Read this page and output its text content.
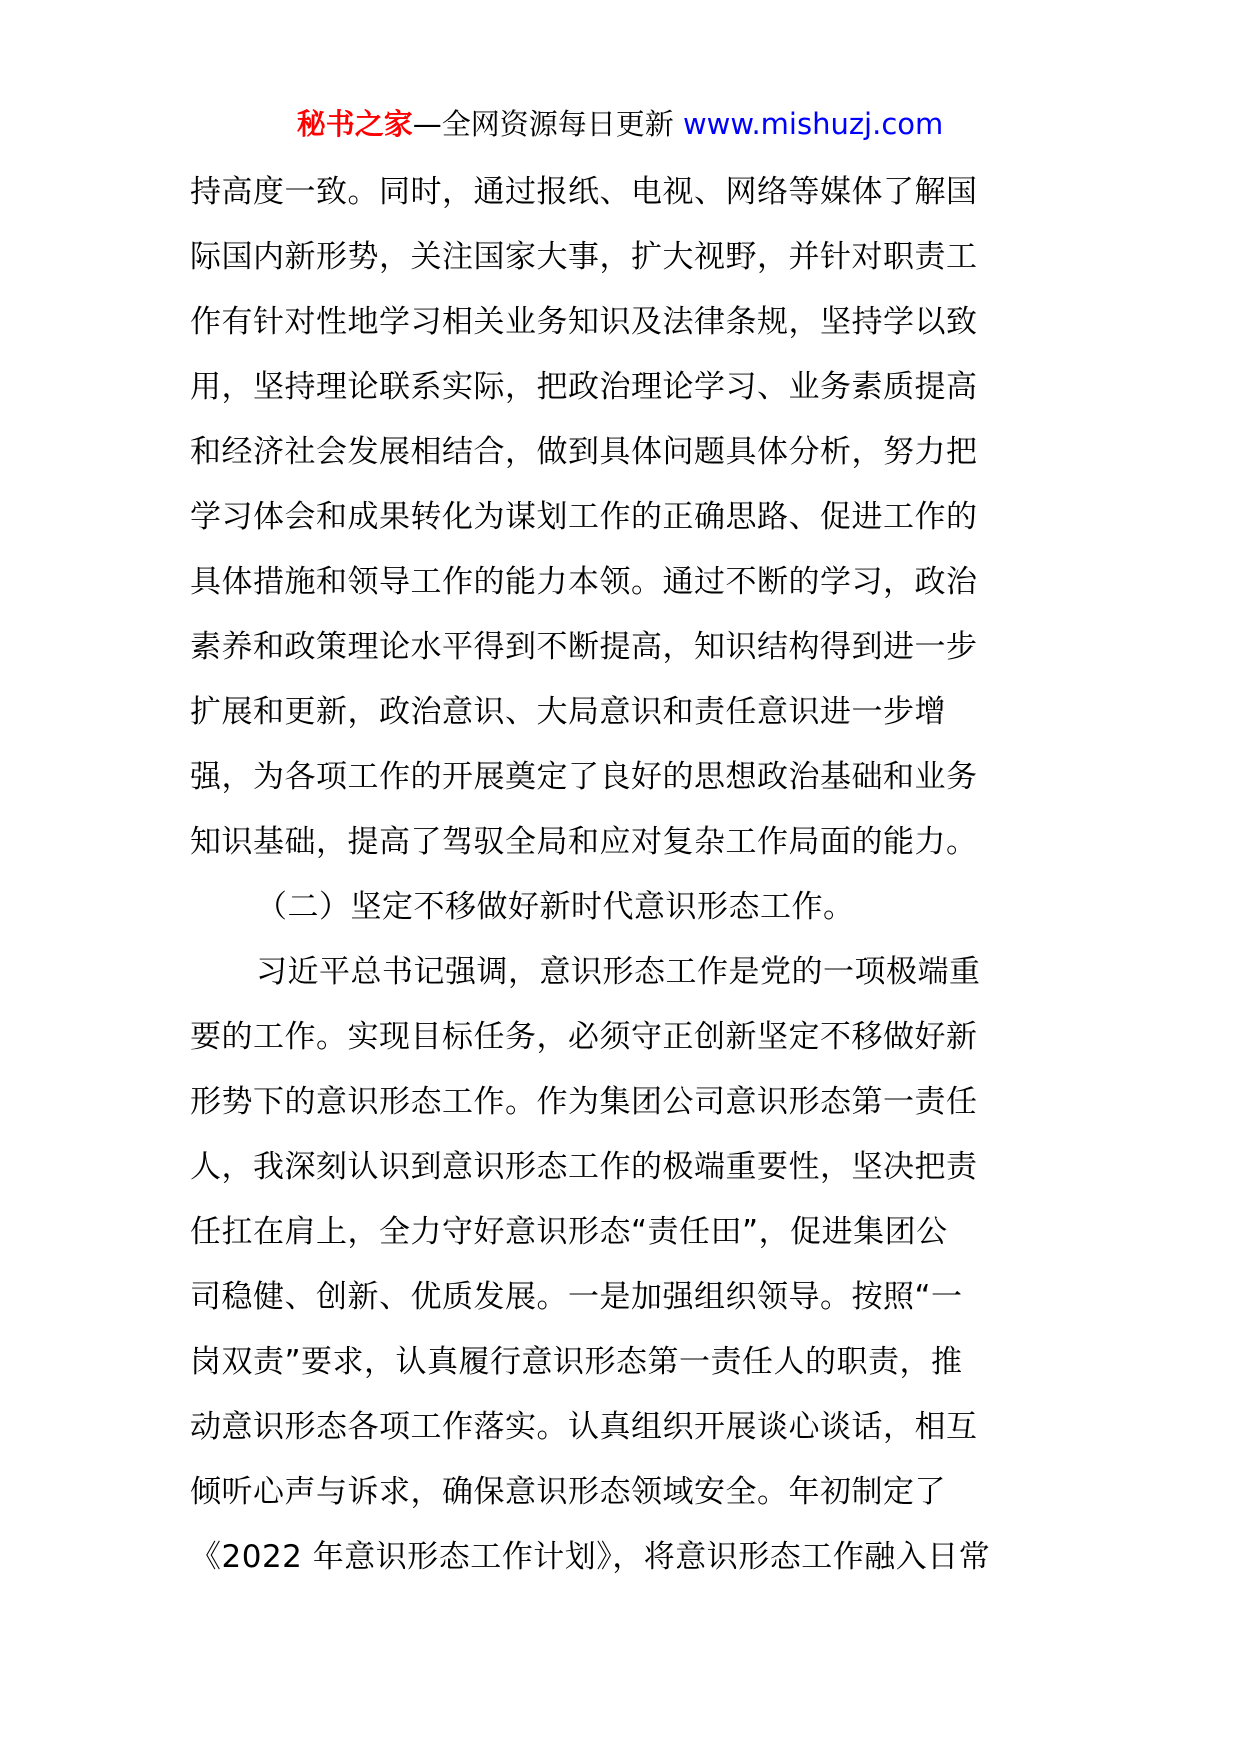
秘书之家—全网资源每日更新 www.mishuzj.com
持高度一致。同时，通过报纸、电视、网络等媒体了解国
际国内新形势，关注国家大事，扩大视野，并针对职责工
作有针对性地学习相关业务知识及法律条规，坚持学以致
用，坚持理论联系实际，把政治理论学习、业务素质提高
和经济社会发展相结合，做到具体问题具体分析，努力把
学习体会和成果转化为谋划工作的正确思路、促进工作的
具体措施和领导工作的能力本领。通过不断的学习，政治
素养和政策理论水平得到不断提高，知识结构得到进一步
扩展和更新，政治意识、大局意识和责任意识进一步增
强，为各项工作的开展奠定了良好的思想政治基础和业务
知识基础，提高了驾驭全局和应对复杂工作局面的能力。
（二）坚定不移做好新时代意识形态工作。
习近平总书记强调，意识形态工作是党的一项极端重
要的工作。实现目标任务，必须守正创新坚定不移做好新
形势下的意识形态工作。作为集团公司意识形态第一责任
人，我深刻认识到意识形态工作的极端重要性，坚决把责
任扛在肩上，全力守好意识形态“责任田”，促进集团公
司稳健、创新、优质发展。一是加强组织领导。按照“一
岗双责”要求，认真履行意识形态第一责任人的职责，推
动意识形态各项工作落实。认真组织开展谈心谈话，相互
倾听心声与诉求，确保意识形态领域安全。年初制定了
《2022 年意识形态工作计划》，将意识形态工作融入日常
